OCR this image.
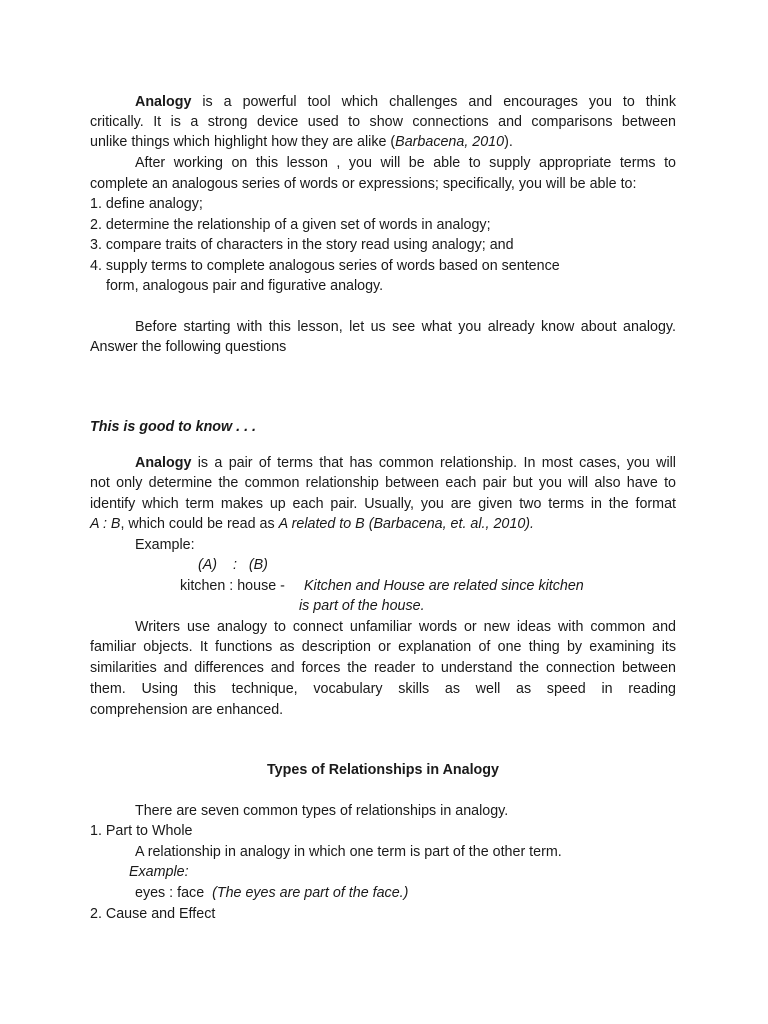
Analogy is a powerful tool which challenges and encourages you to think
critically. It is a strong device used to show connections and comparisons between
unlike things which highlight how they are alike (Barbacena, 2010).
After working on this lesson , you will be able to supply appropriate terms to
complete an analogous series of words or expressions; specifically, you will be able to:
1. define analogy;
2. determine the relationship of a given set of words in analogy;
3. compare traits of characters in the story read using analogy; and
4. supply terms to complete analogous series of words based on sentence
form, analogous pair and figurative analogy.
Before starting with this lesson, let us see what you already know about analogy.
Answer the following questions
This is good to know . . .
Analogy is a pair of terms that has common relationship. In most cases, you will
not only determine the common relationship between each pair but you will also have to
identify which term makes up each pair. Usually, you are given two terms in the format
A : B, which could be read as A related to B (Barbacena, et. al., 2010).
Example:
(A)    :   (B)
kitchen : house -	Kitchen and House are related since kitchen
is part of the house.
Writers use analogy to connect unfamiliar words or new ideas with common and
familiar objects. It functions as description or explanation of one thing by examining its
similarities and differences and forces the reader to understand the connection between
them. Using this technique, vocabulary skills as well as speed in reading
comprehension are enhanced.
Types of Relationships in Analogy
There are seven common types of relationships in analogy.
1. Part to Whole
A relationship in analogy in which one term is part of the other term.
Example:
eyes : face (The eyes are part of the face.)
2. Cause and Effect
